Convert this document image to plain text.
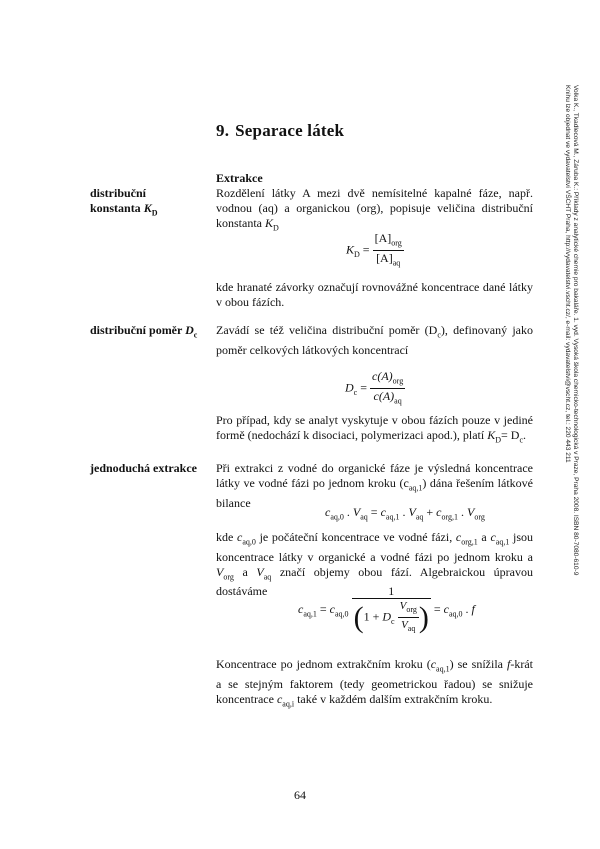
Volka K., Tkadlecová M., Záruba K.: Příklady z analytické chemie pro bakaláře. 1. vyd. Vysoká škola chemicko-technologická v Praze, Praha 2008. ISBN 80-7080-610-9
Knihu lze objednat ve vydavatelství VŠCHT Praha, http://vydavatelstvi.vscht.cz/, e-mail: vydavatelstvi@vscht.cz, tel.: 220 443 211
9. Separace látek
Extrakce
distribuční
konstanta $K_D$
Rozdělení látky A mezi dvě nemísitelné kapalné fáze, např. vodnou (aq) a organickou (org), popisuje veličina distribuční konstanta $K_D$
$K_D = \frac{[A]_{org}}{[A]_{aq}}$
kde hranaté závorky označují rovnovážné koncentrace dané látky v obou fázích.
distribuční poměr $D_c$	Zavádí se též veličina distribuční poměr $(D_c)$, definovaný jako poměr celkových látkových koncentrací
$D_c = \frac{c(A)_{org}}{c(A)_{aq}}$
Pro případ, kdy se analyt vyskytuje v obou fázích pouze v jediné formě (nedochází k disociaci, polymerizaci apod.), platí $K_D= D_c$.
jednoduchá extrakce	Při extrakci z vodné do organické fáze je výsledná koncentrace látky ve vodné fázi po jednom kroku $(c_{aq,1})$ dána řešením látkové bilance
$c_{aq,0}$ . $V_{aq} = c_{aq,1}$ . $V_{aq} + c_{org,1}$ . $V_{org}$
kde $c_{aq,0}$ je počáteční koncentrace ve vodné fázi, $c_{org,1}$ a $c_{aq,1}$ jsou koncentrace látky v organické a vodné fázi po jednom kroku a $V_{org}$ a $V_{aq}$ značí objemy obou fází. Algebraickou úpravou dostáváme
$c_{aq,1} = c_{aq,0} \frac{1}{(1 + D_c \frac{V_{org}}{V_{aq}} )} = c_{aq,0}$ . f
Koncentrace po jednom extrakčním kroku $(c_{aq,1})$ se snížila f-krát a se stejným faktorem (tedy geometrickou řadou) se snižuje koncentrace $c_{aq,i}$ také v každém dalším extrakčním kroku.
64
